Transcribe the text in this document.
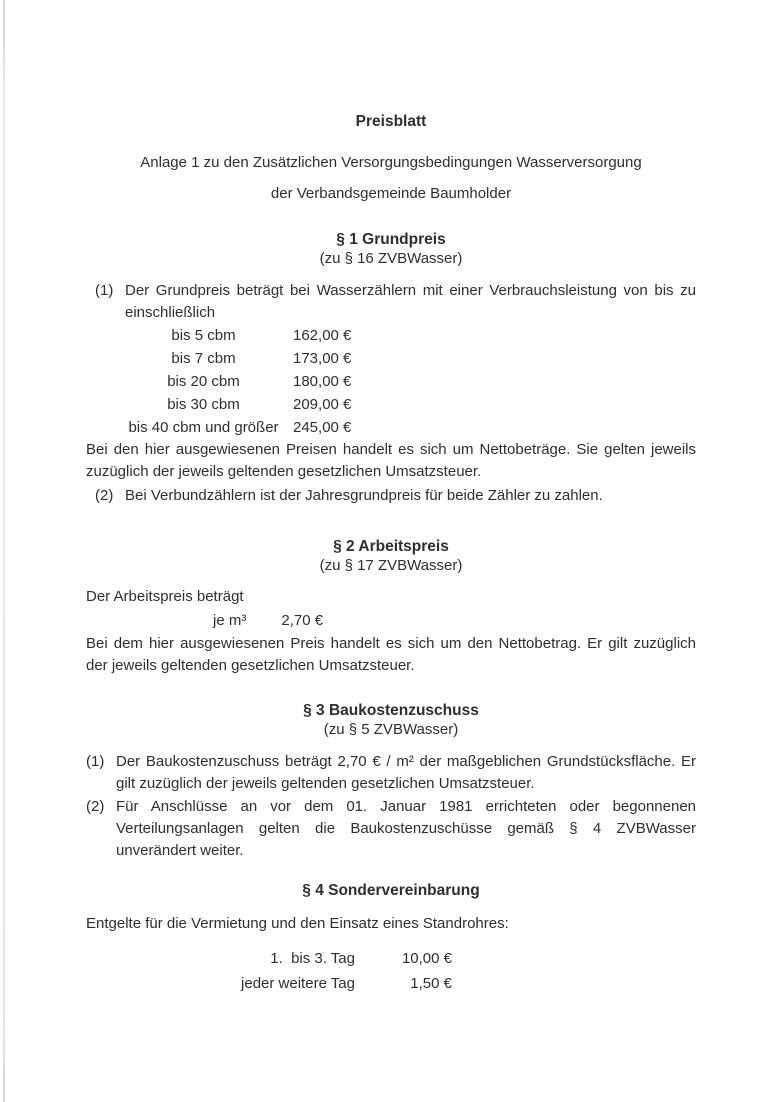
Preisblatt
Anlage 1 zu den Zusätzlichen Versorgungsbedingungen Wasserversorgung
der Verbandsgemeinde Baumholder
§ 1 Grundpreis
(zu § 16 ZVBWasser)
(1) Der Grundpreis beträgt bei Wasserzählern mit einer Verbrauchsleistung von bis zu einschließlich
bis 5 cbm	162,00 €
bis 7 cbm	173,00 €
bis 20 cbm	180,00 €
bis 30 cbm	209,00 €
bis 40 cbm und größer 245,00 €
Bei den hier ausgewiesenen Preisen handelt es sich um Nettobeträge. Sie gelten jeweils zuzüglich der jeweils geltenden gesetzlichen Umsatzsteuer.
(2) Bei Verbundzählern ist der Jahresgrundpreis für beide Zähler zu zahlen.
§ 2 Arbeitspreis
(zu § 17 ZVBWasser)
Der Arbeitspreis beträgt
je m³ 2,70 €
Bei dem hier ausgewiesenen Preis handelt es sich um den Nettobetrag. Er gilt zuzüglich der jeweils geltenden gesetzlichen Umsatzsteuer.
§ 3 Baukostenzuschuss
(zu § 5 ZVBWasser)
(1) Der Baukostenzuschuss beträgt 2,70 € / m² der maßgeblichen Grundstücksfläche. Er gilt zuzüglich der jeweils geltenden gesetzlichen Umsatzsteuer.
(2) Für Anschlüsse an vor dem 01. Januar 1981 errichteten oder begonnenen Verteilungsanlagen gelten die Baukostenzuschüsse gemäß § 4 ZVBWasser unverändert weiter.
§ 4 Sondervereinbarung
Entgelte für die Vermietung und den Einsatz eines Standrohres:
1.  bis 3. Tag	10,00 €
jeder weitere Tag	1,50 €
